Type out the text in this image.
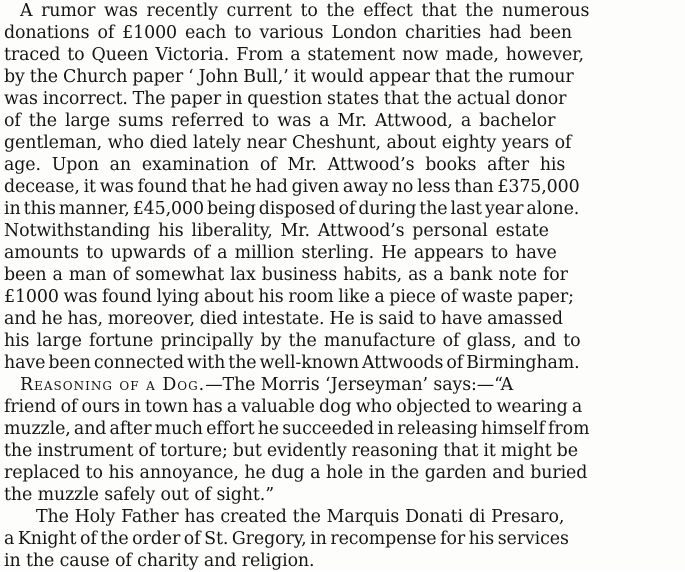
A rumor was recently current to the effect that the numerous
donations of £1000 each to various London charities had been
traced to Queen Victoria. From a statement now made, however,
by the Church paper ‘ John Bull,’ it would appear that the rumour
was incorrect. The paper in question states that the actual donor
of the large sums referred to was a Mr. Attwood, a bachelor
gentleman, who died lately near Cheshunt, about eighty years of
age. Upon an examination of Mr. Attwood’s books after his
decease, it was found that he had given away no less than £375,000
in this manner, £45,000 being disposed of during the last year alone.
Notwithstanding his liberality, Mr. Attwood’s personal estate
amounts to upwards of a million sterling. He appears to have
been a man of somewhat lax business habits, as a bank note for
£1000 was found lying about his room like a piece of waste paper;
and he has, moreover, died intestate. He is said to have amassed
his large fortune principally by the manufacture of glass, and to
have been connected with the well-known Attwoods of Birmingham.
Reasoning of a Dog.—The Morris ‘Jerseyman’ says:—“A
friend of ours in town has a valuable dog who objected to wearing a
muzzle, and after much effort he succeeded in releasing himself from
the instrument of torture; but evidently reasoning that it might be
replaced to his annoyance, he dug a hole in the garden and buried
the muzzle safely out of sight.”
The Holy Father has created the Marquis Donati di Presaro,
a Knight of the order of St. Gregory, in recompense for his services
in the cause of charity and religion.
